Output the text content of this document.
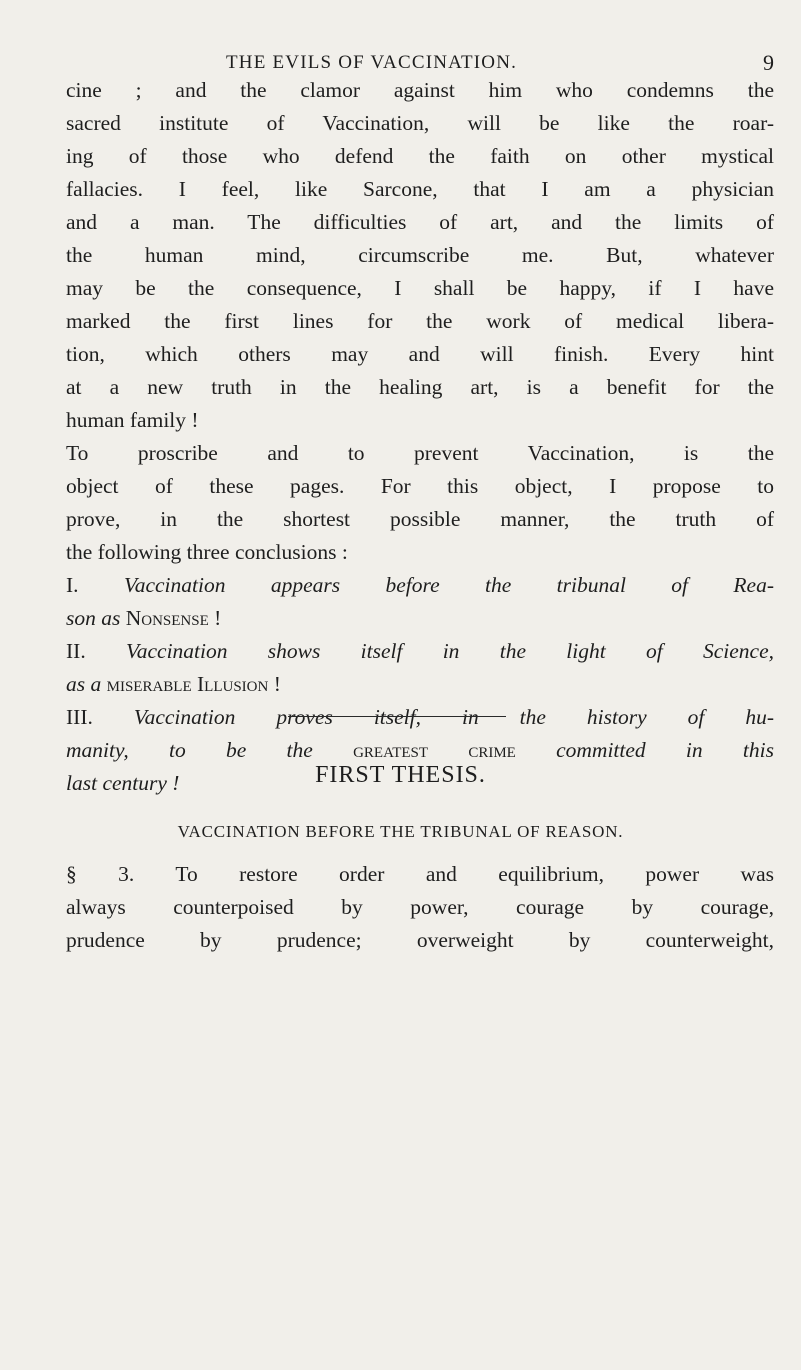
THE EVILS OF VACCINATION.	9
cine ; and the clamor against him who condemns the
sacred institute of Vaccination, will be like the roar-
ing of those who defend the faith on other mystical
fallacies. I feel, like Sarcone, that I am a physician
and a man. The difficulties of art, and the limits of
the human mind, circumscribe me. But, whatever
may be the consequence, I shall be happy, if I have
marked the first lines for the work of medical libera-
tion, which others may and will finish. Every hint
at a new truth in the healing art, is a benefit for the
human family !
To proscribe and to prevent Vaccination, is the
object of these pages. For this object, I propose to
prove, in the shortest possible manner, the truth of
the following three conclusions :
I. Vaccination appears before the tribunal of Rea-
son as Nonsense !
II. Vaccination shows itself in the light of Science,
as a miserable Illusion !
III. Vaccination proves itself, in the history of hu-
manity, to be the greatest crime committed in this
last century !	FIRST THESIS.
VACCINATION BEFORE THE TRIBUNAL OF REASON.
§ 3. To restore order and equilibrium, power was
always counterpoised by power, courage by courage,
prudence by prudence; overweight by counterweight,
